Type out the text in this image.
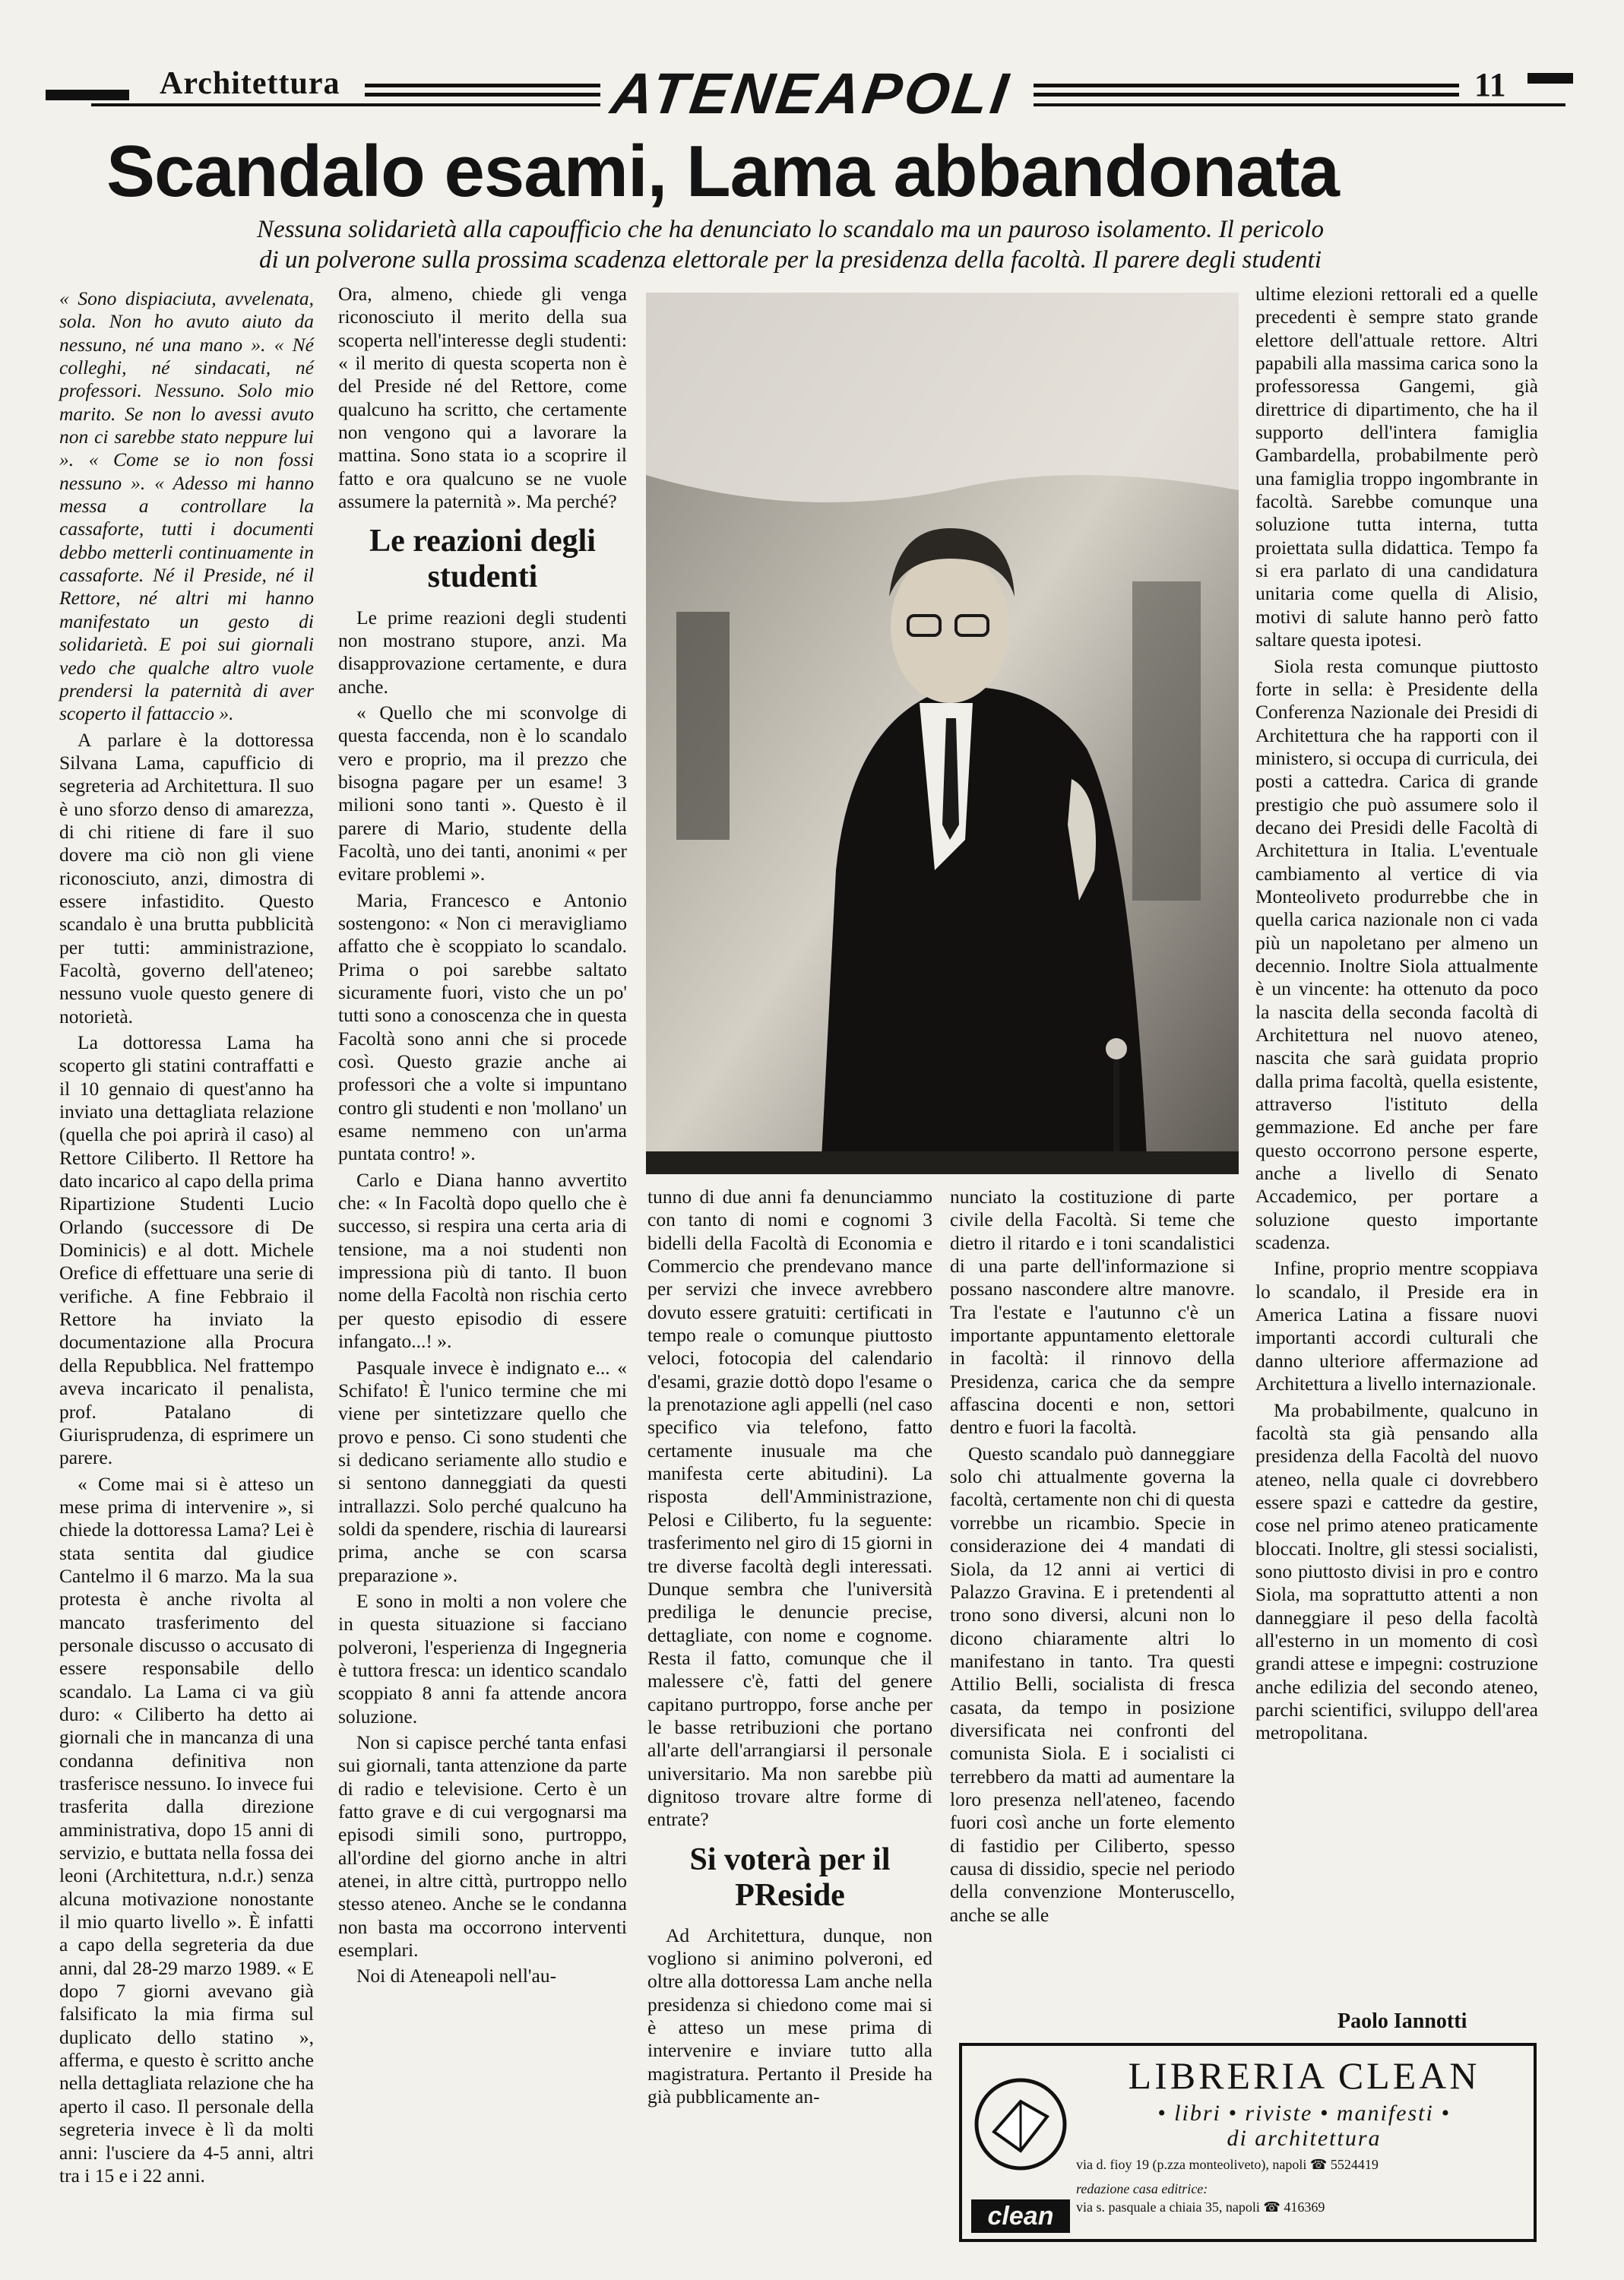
Architettura	ATENEAPOLI	11
Scandalo esami, Lama abbandonata
Nessuna solidarietà alla capoufficio che ha denunciato lo scandalo ma un pauroso isolamento. Il pericolo
di un polverone sulla prossima scadenza elettorale per la presidenza della facoltà. Il parere degli studenti

« Sono dispiaciuta, avvelenata, sola. Non ho avuto aiuto da nessuno, né una mano ». « Né colleghi, né sindacati, né professori. Nessuno. Solo mio marito. Se non lo avessi avuto non ci sarebbe stato neppure lui ». « Come se io non fossi nessuno ». « Adesso mi hanno messa a controllare la cassaforte, tutti i documenti debbo metterli continuamente in cassaforte. Né il Preside, né il Rettore, né altri mi hanno manifestato un gesto di solidarietà. E poi sui giornali vedo che qualche altro vuole prendersi la paternità di aver scoperto il fattaccio ».

A parlare è la dottoressa Silvana Lama, capufficio di segreteria ad Architettura. Il suo è uno sforzo denso di amarezza, di chi ritiene di fare il suo dovere ma ciò non gli viene riconosciuto, anzi, dimostra di essere infastidito. Questo scandalo è una brutta pubblicità per tutti: amministrazione, Facoltà, governo dell'ateneo; nessuno vuole questo genere di notorietà.

La dottoressa Lama ha scoperto gli statini contraffatti e il 10 gennaio di quest'anno ha inviato una dettagliata relazione (quella che poi aprirà il caso) al Rettore Ciliberto. Il Rettore ha dato incarico al capo della prima Ripartizione Studenti Lucio Orlando (successore di De Dominicis) e al dott. Michele Orefice di effettuare una serie di verifiche. A fine Febbraio il Rettore ha inviato la documentazione alla Procura della Repubblica. Nel frattempo aveva incaricato il penalista, prof. Patalano di Giurisprudenza, di esprimere un parere.

« Come mai si è atteso un mese prima di intervenire », si chiede la dottoressa Lama? Lei è stata sentita dal giudice Cantelmo il 6 marzo. Ma la sua protesta è anche rivolta al mancato trasferimento del personale discusso o accusato di essere responsabile dello scandalo. La Lama ci va giù duro: « Ciliberto ha detto ai giornali che in mancanza di una condanna definitiva non trasferisce nessuno. Io invece fui trasferita dalla direzione amministrativa, dopo 15 anni di servizio, e buttata nella fossa dei leoni (Architettura, n.d.r.) senza alcuna motivazione nonostante il mio quarto livello ». È infatti a capo della segreteria da due anni, dal 28-29 marzo 1989. « E dopo 7 giorni avevano già falsificato la mia firma sul duplicato dello statino », afferma, e questo è scritto anche nella dettagliata relazione che ha aperto il caso. Il personale della segreteria invece è lì da molti anni: l'usciere da 4-5 anni, altri tra i 15 e i 22 anni.

Ora, almeno, chiede gli venga riconosciuto il merito della sua scoperta nell'interesse degli studenti: « il merito di questa scoperta non è del Preside né del Rettore, come qualcuno ha scritto, che certamente non vengono qui a lavorare la mattina. Sono stata io a scoprire il fatto e ora qualcuno se ne vuole assumere la paternità ». Ma perché?

Le reazioni degli studenti

Le prime reazioni degli studenti non mostrano stupore, anzi. Ma disapprovazione certamente, e dura anche.

« Quello che mi sconvolge di questa faccenda, non è lo scandalo vero e proprio, ma il prezzo che bisogna pagare per un esame! 3 milioni sono tanti ». Questo è il parere di Mario, studente della Facoltà, uno dei tanti, anonimi « per evitare problemi ».

Maria, Francesco e Antonio sostengono: « Non ci meravigliamo affatto che è scoppiato lo scandalo. Prima o poi sarebbe saltato sicuramente fuori, visto che un po' tutti sono a conoscenza che in questa Facoltà sono anni che si procede così. Questo grazie anche ai professori che a volte si impuntano contro gli studenti e non 'mollano' un esame nemmeno con un'arma puntata contro! ».

Carlo e Diana hanno avvertito che: « In Facoltà dopo quello che è successo, si respira una certa aria di tensione, ma a noi studenti non impressiona più di tanto. Il buon nome della Facoltà non rischia certo per questo episodio di essere infangato...! ».

Pasquale invece è indignato e... « Schifato! È l'unico termine che mi viene per sintetizzare quello che provo e penso. Ci sono studenti che si dedicano seriamente allo studio e si sentono danneggiati da questi intrallazzi. Solo perché qualcuno ha soldi da spendere, rischia di laurearsi prima, anche se con scarsa preparazione ».

E sono in molti a non volere che in questa situazione si facciano polveroni, l'esperienza di Ingegneria è tuttora fresca: un identico scandalo scoppiato 8 anni fa attende ancora soluzione.

Non si capisce perché tanta enfasi sui giornali, tanta attenzione da parte di radio e televisione. Certo è un fatto grave e di cui vergognarsi ma episodi simili sono, purtroppo, all'ordine del giorno anche in altri atenei, in altre città, purtroppo nello stesso ateneo. Anche se le condanna non basta ma occorrono interventi esemplari.

Noi di Ateneapoli nell'au-

tunno di due anni fa denunciammo con tanto di nomi e cognomi 3 bidelli della Facoltà di Economia e Commercio che prendevano mance per servizi che invece avrebbero dovuto essere gratuiti: certificati in tempo reale o comunque piuttosto veloci, fotocopia del calendario d'esami, grazie dottò dopo l'esame o la prenotazione agli appelli (nel caso specifico via telefono, fatto certamente inusuale ma che manifesta certe abitudini). La risposta dell'Amministrazione, Pelosi e Ciliberto, fu la seguente: trasferimento nel giro di 15 giorni in tre diverse facoltà degli interessati. Dunque sembra che l'università prediliga le denuncie precise, dettagliate, con nome e cognome. Resta il fatto, comunque che il malessere c'è, fatti del genere capitano purtroppo, forse anche per le basse retribuzioni che portano all'arte dell'arrangiarsi il personale universitario. Ma non sarebbe più dignitoso trovare altre forme di entrate?

Si voterà per il PReside

Ad Architettura, dunque, non vogliono si animino polveroni, ed oltre alla dottoressa Lam anche nella presidenza si chiedono come mai si è atteso un mese prima di intervenire e inviare tutto alla magistratura. Pertanto il Preside ha già pubblicamente an-

nunciato la costituzione di parte civile della Facoltà. Si teme che dietro il ritardo e i toni scandalistici di una parte dell'informazione si possano nascondere altre manovre. Tra l'estate e l'autunno c'è un importante appuntamento elettorale in facoltà: il rinnovo della Presidenza, carica che da sempre affascina docenti e non, settori dentro e fuori la facoltà.

Questo scandalo può danneggiare solo chi attualmente governa la facoltà, certamente non chi di questa vorrebbe un ricambio. Specie in considerazione dei 4 mandati di Siola, da 12 anni ai vertici di Palazzo Gravina. E i pretendenti al trono sono diversi, alcuni non lo dicono chiaramente altri lo manifestano in tanto. Tra questi Attilio Belli, socialista di fresca casata, da tempo in posizione diversificata nei confronti del comunista Siola. E i socialisti ci terrebbero da matti ad aumentare la loro presenza nell'ateneo, facendo fuori così anche un forte elemento di fastidio per Ciliberto, spesso causa di dissidio, specie nel periodo della convenzione Monteruscello, anche se alle

ultime elezioni rettorali ed a quelle precedenti è sempre stato grande elettore dell'attuale rettore. Altri papabili alla massima carica sono la professoressa Gangemi, già direttrice di dipartimento, che ha il supporto dell'intera famiglia Gambardella, probabilmente però una famiglia troppo ingombrante in facoltà. Sarebbe comunque una soluzione tutta interna, tutta proiettata sulla didattica. Tempo fa si era parlato di una candidatura unitaria come quella di Alisio, motivi di salute hanno però fatto saltare questa ipotesi.

Siola resta comunque piuttosto forte in sella: è Presidente della Conferenza Nazionale dei Presidi di Architettura che ha rapporti con il ministero, si occupa di curricula, dei posti a cattedra. Carica di grande prestigio che può assumere solo il decano dei Presidi delle Facoltà di Architettura in Italia. L'eventuale cambiamento al vertice di via Monteoliveto produrrebbe che in quella carica nazionale non ci vada più un napoletano per almeno un decennio. Inoltre Siola attualmente è un vincente: ha ottenuto da poco la nascita della seconda facoltà di Architettura nel nuovo ateneo, nascita che sarà guidata proprio dalla prima facoltà, quella esistente, attraverso l'istituto della gemmazione. Ed anche per fare questo occorrono persone esperte, anche a livello di Senato Accademico, per portare a soluzione questo importante scadenza.

Infine, proprio mentre scoppiava lo scandalo, il Preside era in America Latina a fissare nuovi importanti accordi culturali che danno ulteriore affermazione ad Architettura a livello internazionale.

Ma probabilmente, qualcuno in facoltà sta già pensando alla presidenza della Facoltà del nuovo ateneo, nella quale ci dovrebbero essere spazi e cattedre da gestire, cose nel primo ateneo praticamente bloccati. Inoltre, gli stessi socialisti, sono piuttosto divisi in pro e contro Siola, ma soprattutto attenti a non danneggiare il peso della facoltà all'esterno in un momento di così grandi attese e impegni: costruzione anche edilizia del secondo ateneo, parchi scientifici, sviluppo dell'area metropolitana.

Paolo Iannotti
clean
LIBRERIA CLEAN
• libri • riviste • manifesti •
di architettura
via d. fioy 19 (p.zza monteoliveto), napoli ☎ 5524419
redazione casa editrice:
via s. pasquale a chiaia 35, napoli ☎ 416369
